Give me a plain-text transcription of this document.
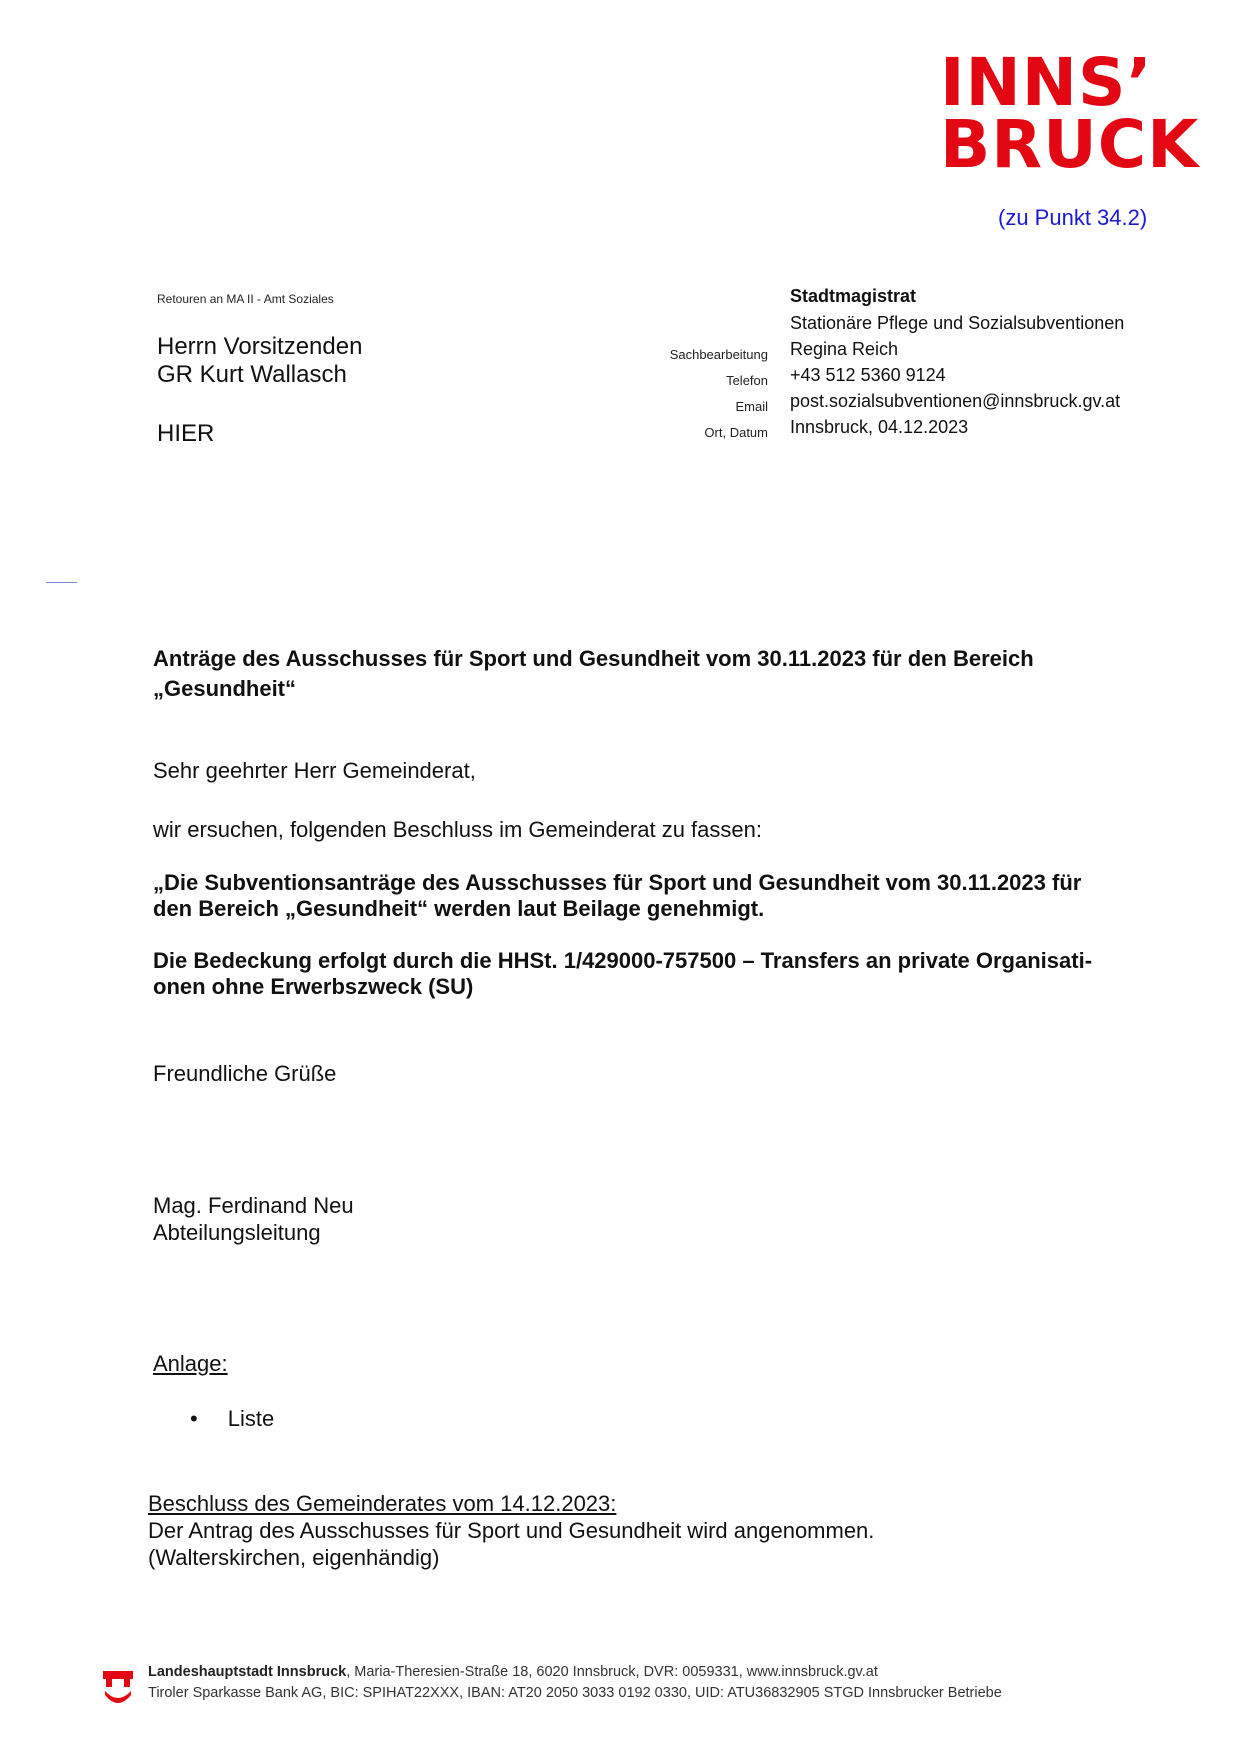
INNS’
BRUCK
(zu Punkt 34.2)
Retouren an MA II - Amt Soziales
Herrn Vorsitzenden
GR Kurt Wallasch
HIER
Stadtmagistrat
Stationäre Pflege und Sozialsubventionen
Sachbearbeitung Regina Reich
Telefon +43 512 5360 9124
Email post.sozialsubventionen@innsbruck.gv.at
Ort, Datum Innsbruck, 04.12.2023
Anträge des Ausschusses für Sport und Gesundheit vom 30.11.2023 für den Bereich
„Gesundheit“
Sehr geehrter Herr Gemeinderat,
wir ersuchen, folgenden Beschluss im Gemeinderat zu fassen:
„Die Subventionsanträge des Ausschusses für Sport und Gesundheit vom 30.11.2023 für
den Bereich „Gesundheit“ werden laut Beilage genehmigt.
Die Bedeckung erfolgt durch die HHSt. 1/429000-757500 – Transfers an private Organisati-
onen ohne Erwerbszweck (SU)
Freundliche Grüße
Mag. Ferdinand Neu
Abteilungsleitung
Anlage:
• Liste
Beschluss des Gemeinderates vom 14.12.2023:
Der Antrag des Ausschusses für Sport und Gesundheit wird angenommen.
(Walterskirchen, eigenhändig)
Landeshauptstadt Innsbruck, Maria-Theresien-Straße 18, 6020 Innsbruck, DVR: 0059331, www.innsbruck.gv.at
Tiroler Sparkasse Bank AG, BIC: SPIHAT22XXX, IBAN: AT20 2050 3033 0192 0330, UID: ATU36832905 STGD Innsbrucker Betriebe
